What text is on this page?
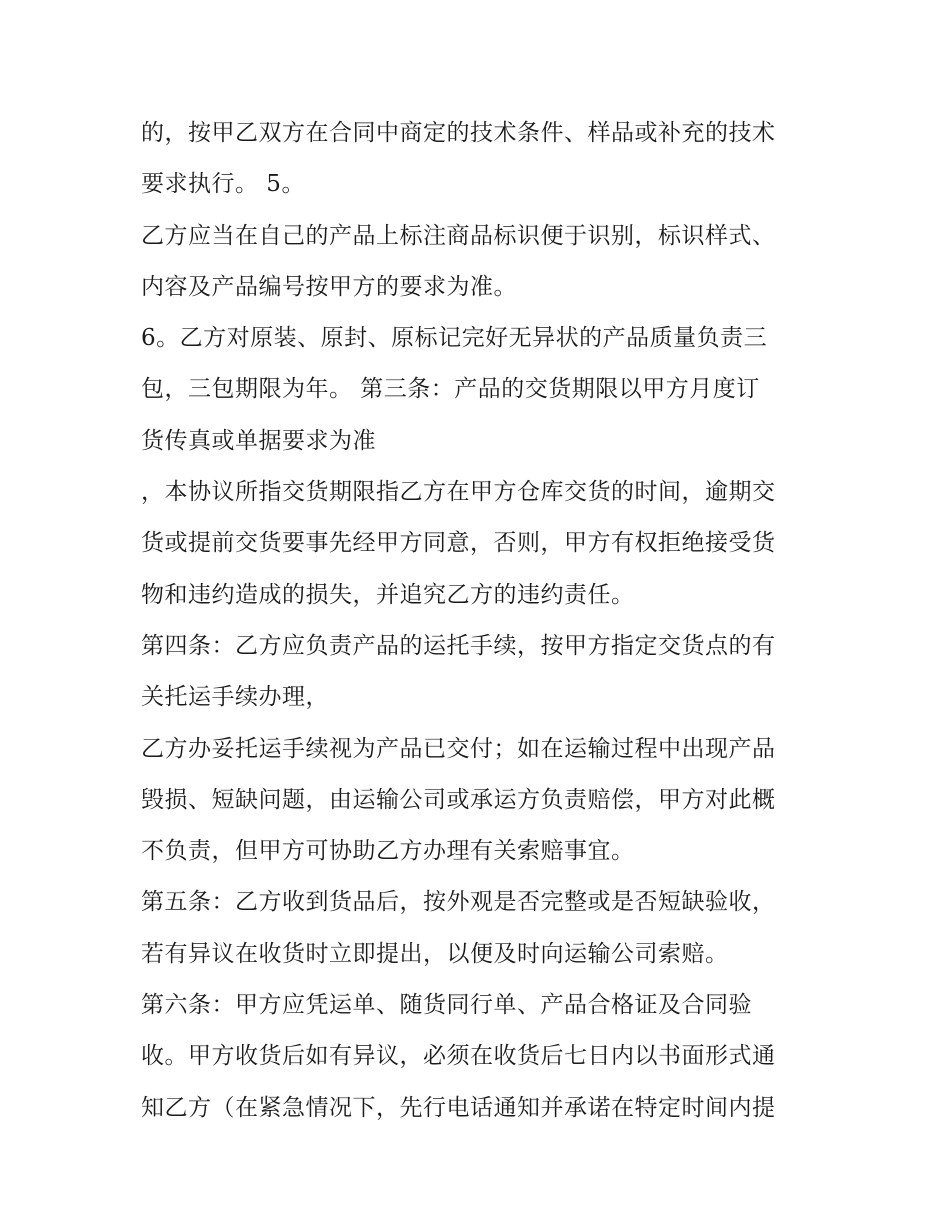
的，按甲乙双方在合同中商定的技术条件、样品或补充的技术
要求执行。 5。
乙方应当在自己的产品上标注商品标识便于识别，标识样式、
内容及产品编号按甲方的要求为准。
6。乙方对原装、原封、原标记完好无异状的产品质量负责三
包，三包期限为年。 第三条：产品的交货期限以甲方月度订
货传真或单据要求为准
，本协议所指交货期限指乙方在甲方仓库交货的时间，逾期交
货或提前交货要事先经甲方同意，否则，甲方有权拒绝接受货
物和违约造成的损失，并追究乙方的违约责任。
第四条：乙方应负责产品的运托手续，按甲方指定交货点的有
关托运手续办理，
乙方办妥托运手续视为产品已交付；如在运输过程中出现产品
毁损、短缺问题，由运输公司或承运方负责赔偿，甲方对此概
不负责，但甲方可协助乙方办理有关索赔事宜。
第五条：乙方收到货品后，按外观是否完整或是否短缺验收，
若有异议在收货时立即提出，以便及时向运输公司索赔。
第六条：甲方应凭运单、随货同行单、产品合格证及合同验
收。甲方收货后如有异议，必须在收货后七日内以书面形式通
知乙方（在紧急情况下，先行电话通知并承诺在特定时间内提
